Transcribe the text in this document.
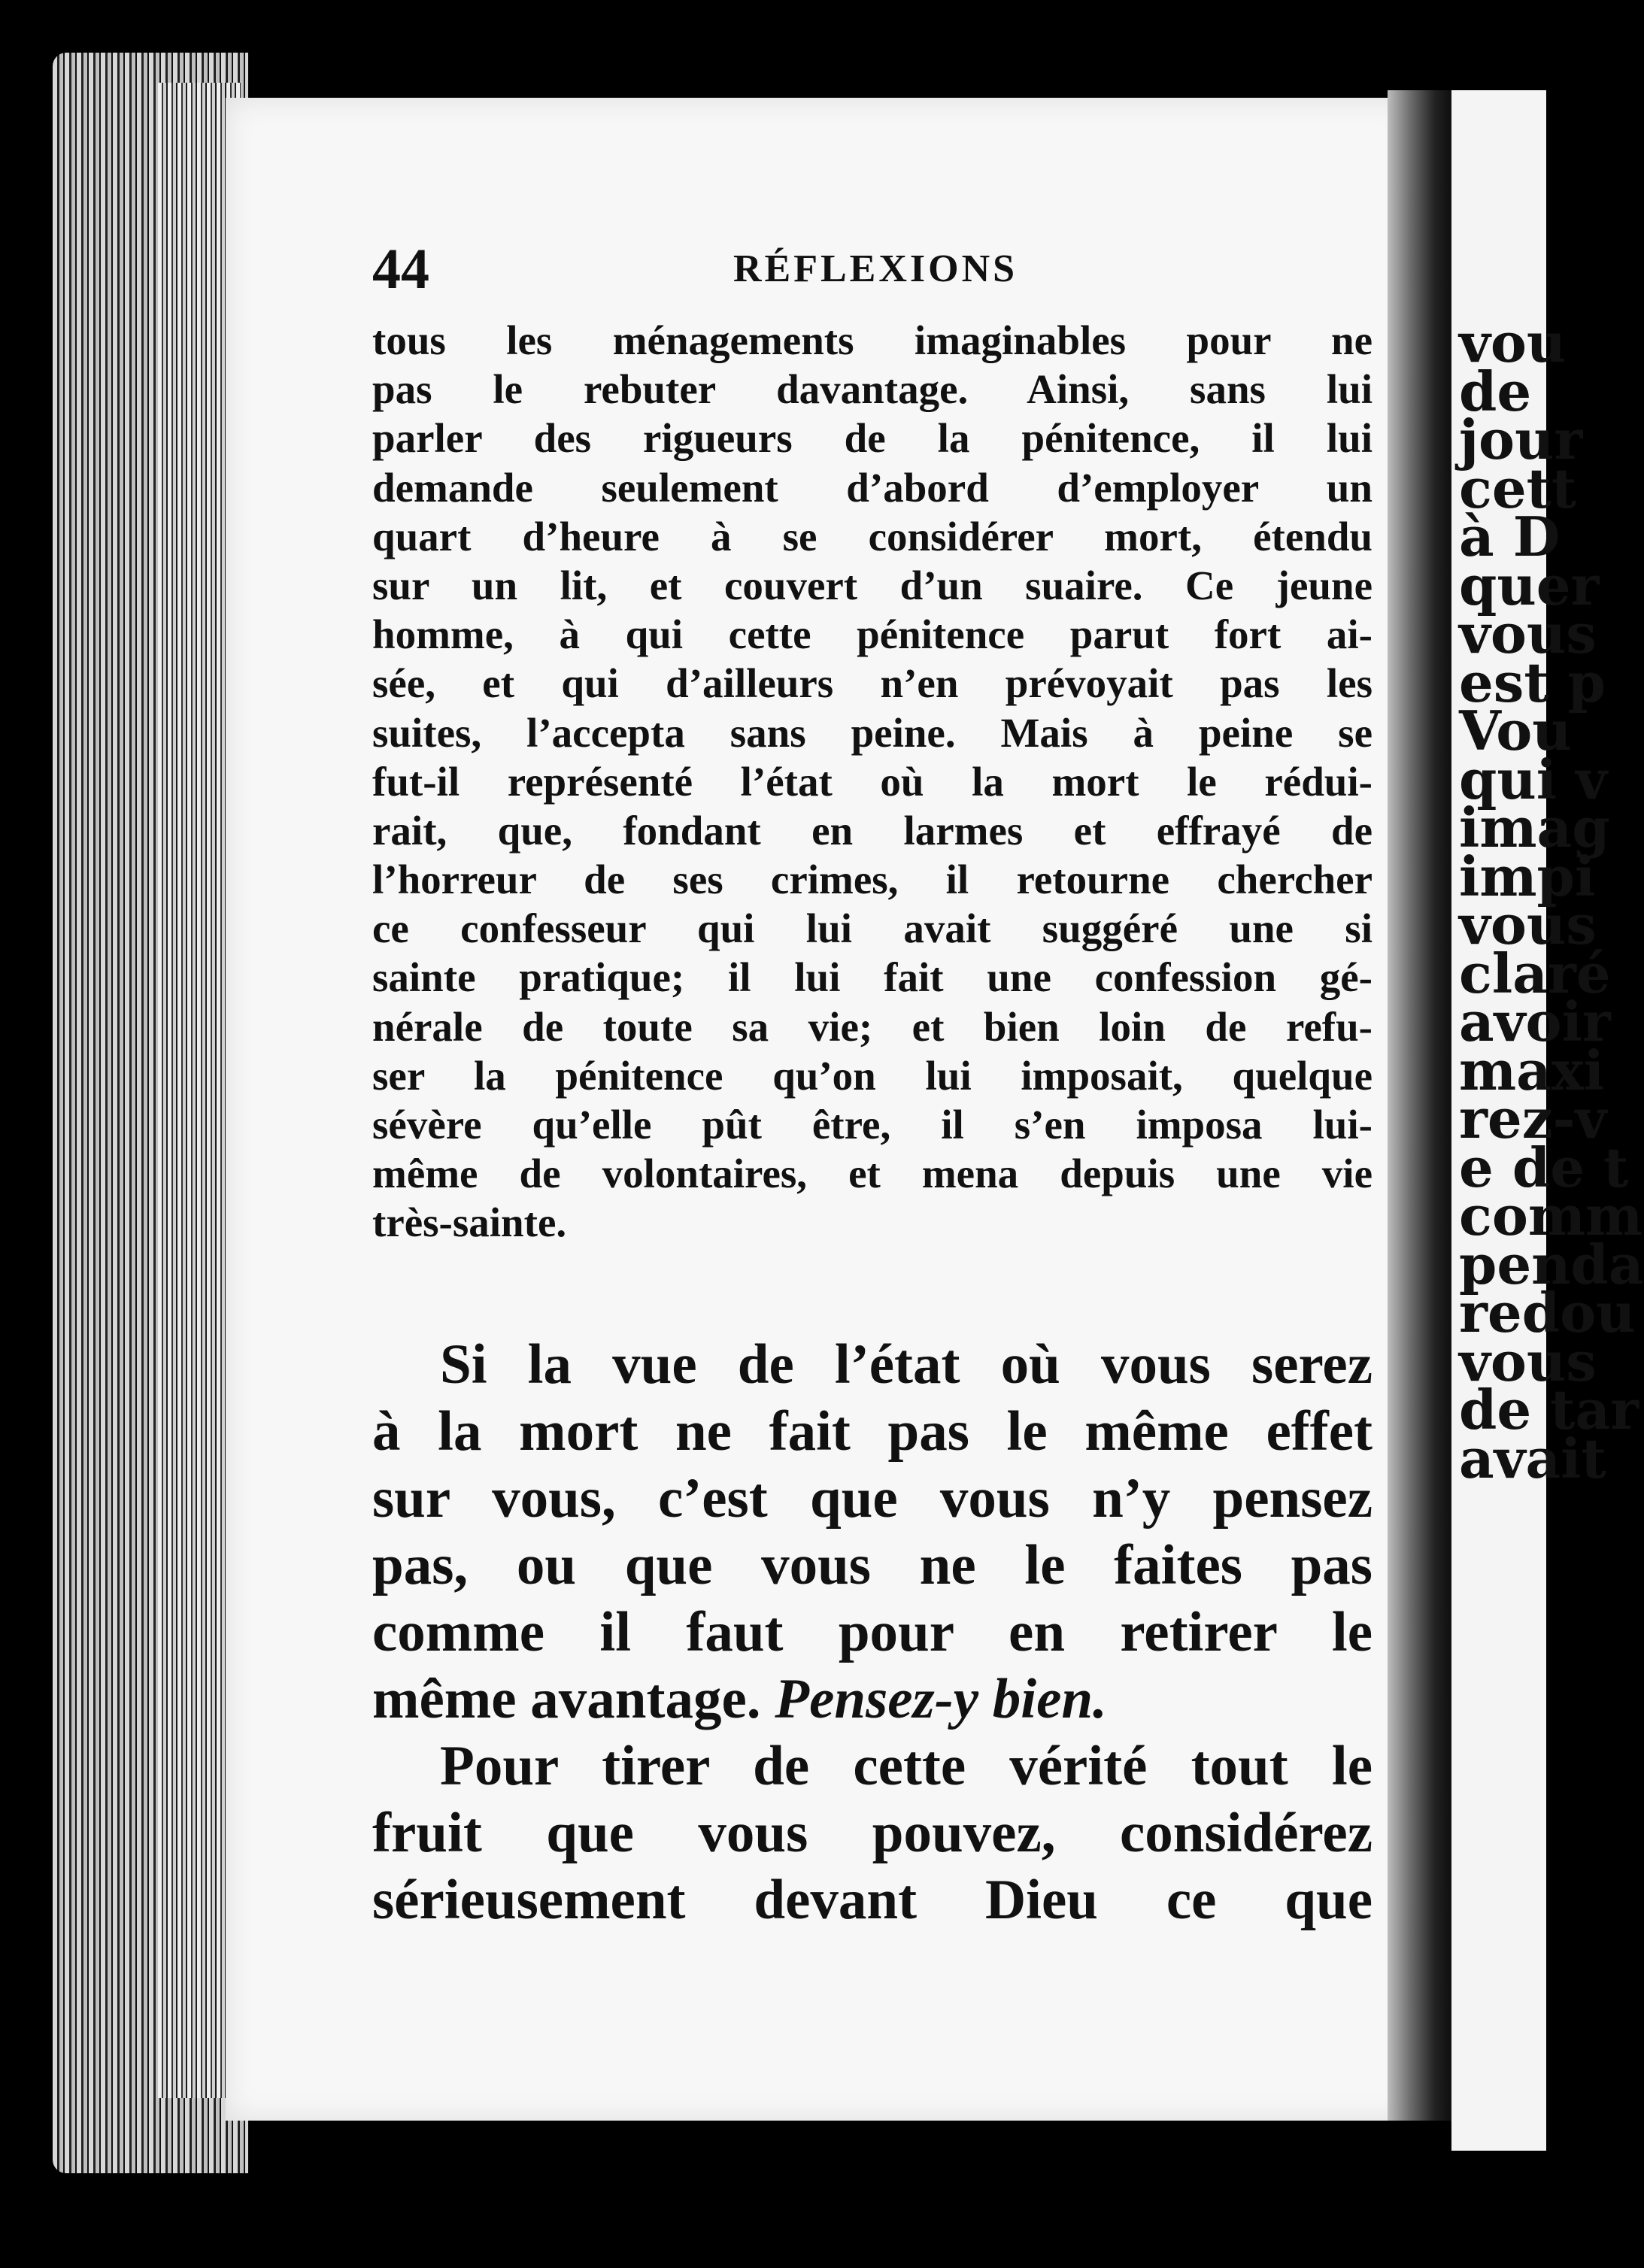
vou
de
jour
cett
à D
quer
vous
est p
Vou
qui v
imag
impi
vous
claré
avoir
maxi
rez-v
e de t
comm
penda
redou
vous
de tar
avait
44	RÉFLEXIONS
tous les ménagements imaginables pour ne
pas le rebuter davantage. Ainsi, sans lui
parler des rigueurs de la pénitence, il lui
demande seulement d’abord d’employer un
quart d’heure à se considérer mort, étendu
sur un lit, et couvert d’un suaire. Ce jeune
homme, à qui cette pénitence parut fort ai-
sée, et qui d’ailleurs n’en prévoyait pas les
suites, l’accepta sans peine. Mais à peine se
fut-il représenté l’état où la mort le rédui-
rait, que, fondant en larmes et effrayé de
l’horreur de ses crimes, il retourne chercher
ce confesseur qui lui avait suggéré une si
sainte pratique; il lui fait une confession gé-
nérale de toute sa vie; et bien loin de refu-
ser la pénitence qu’on lui imposait, quelque
sévère qu’elle pût être, il s’en imposa lui-
même de volontaires, et mena depuis une vie
très-sainte.
Si la vue de l’état où vous serez
à la mort ne fait pas le même effet
sur vous, c’est que vous n’y pensez
pas, ou que vous ne le faites pas
comme il faut pour en retirer le
même avantage. Pensez-y bien.
Pour tirer de cette vérité tout le
fruit que vous pouvez, considérez
sérieusement devant Dieu ce que
